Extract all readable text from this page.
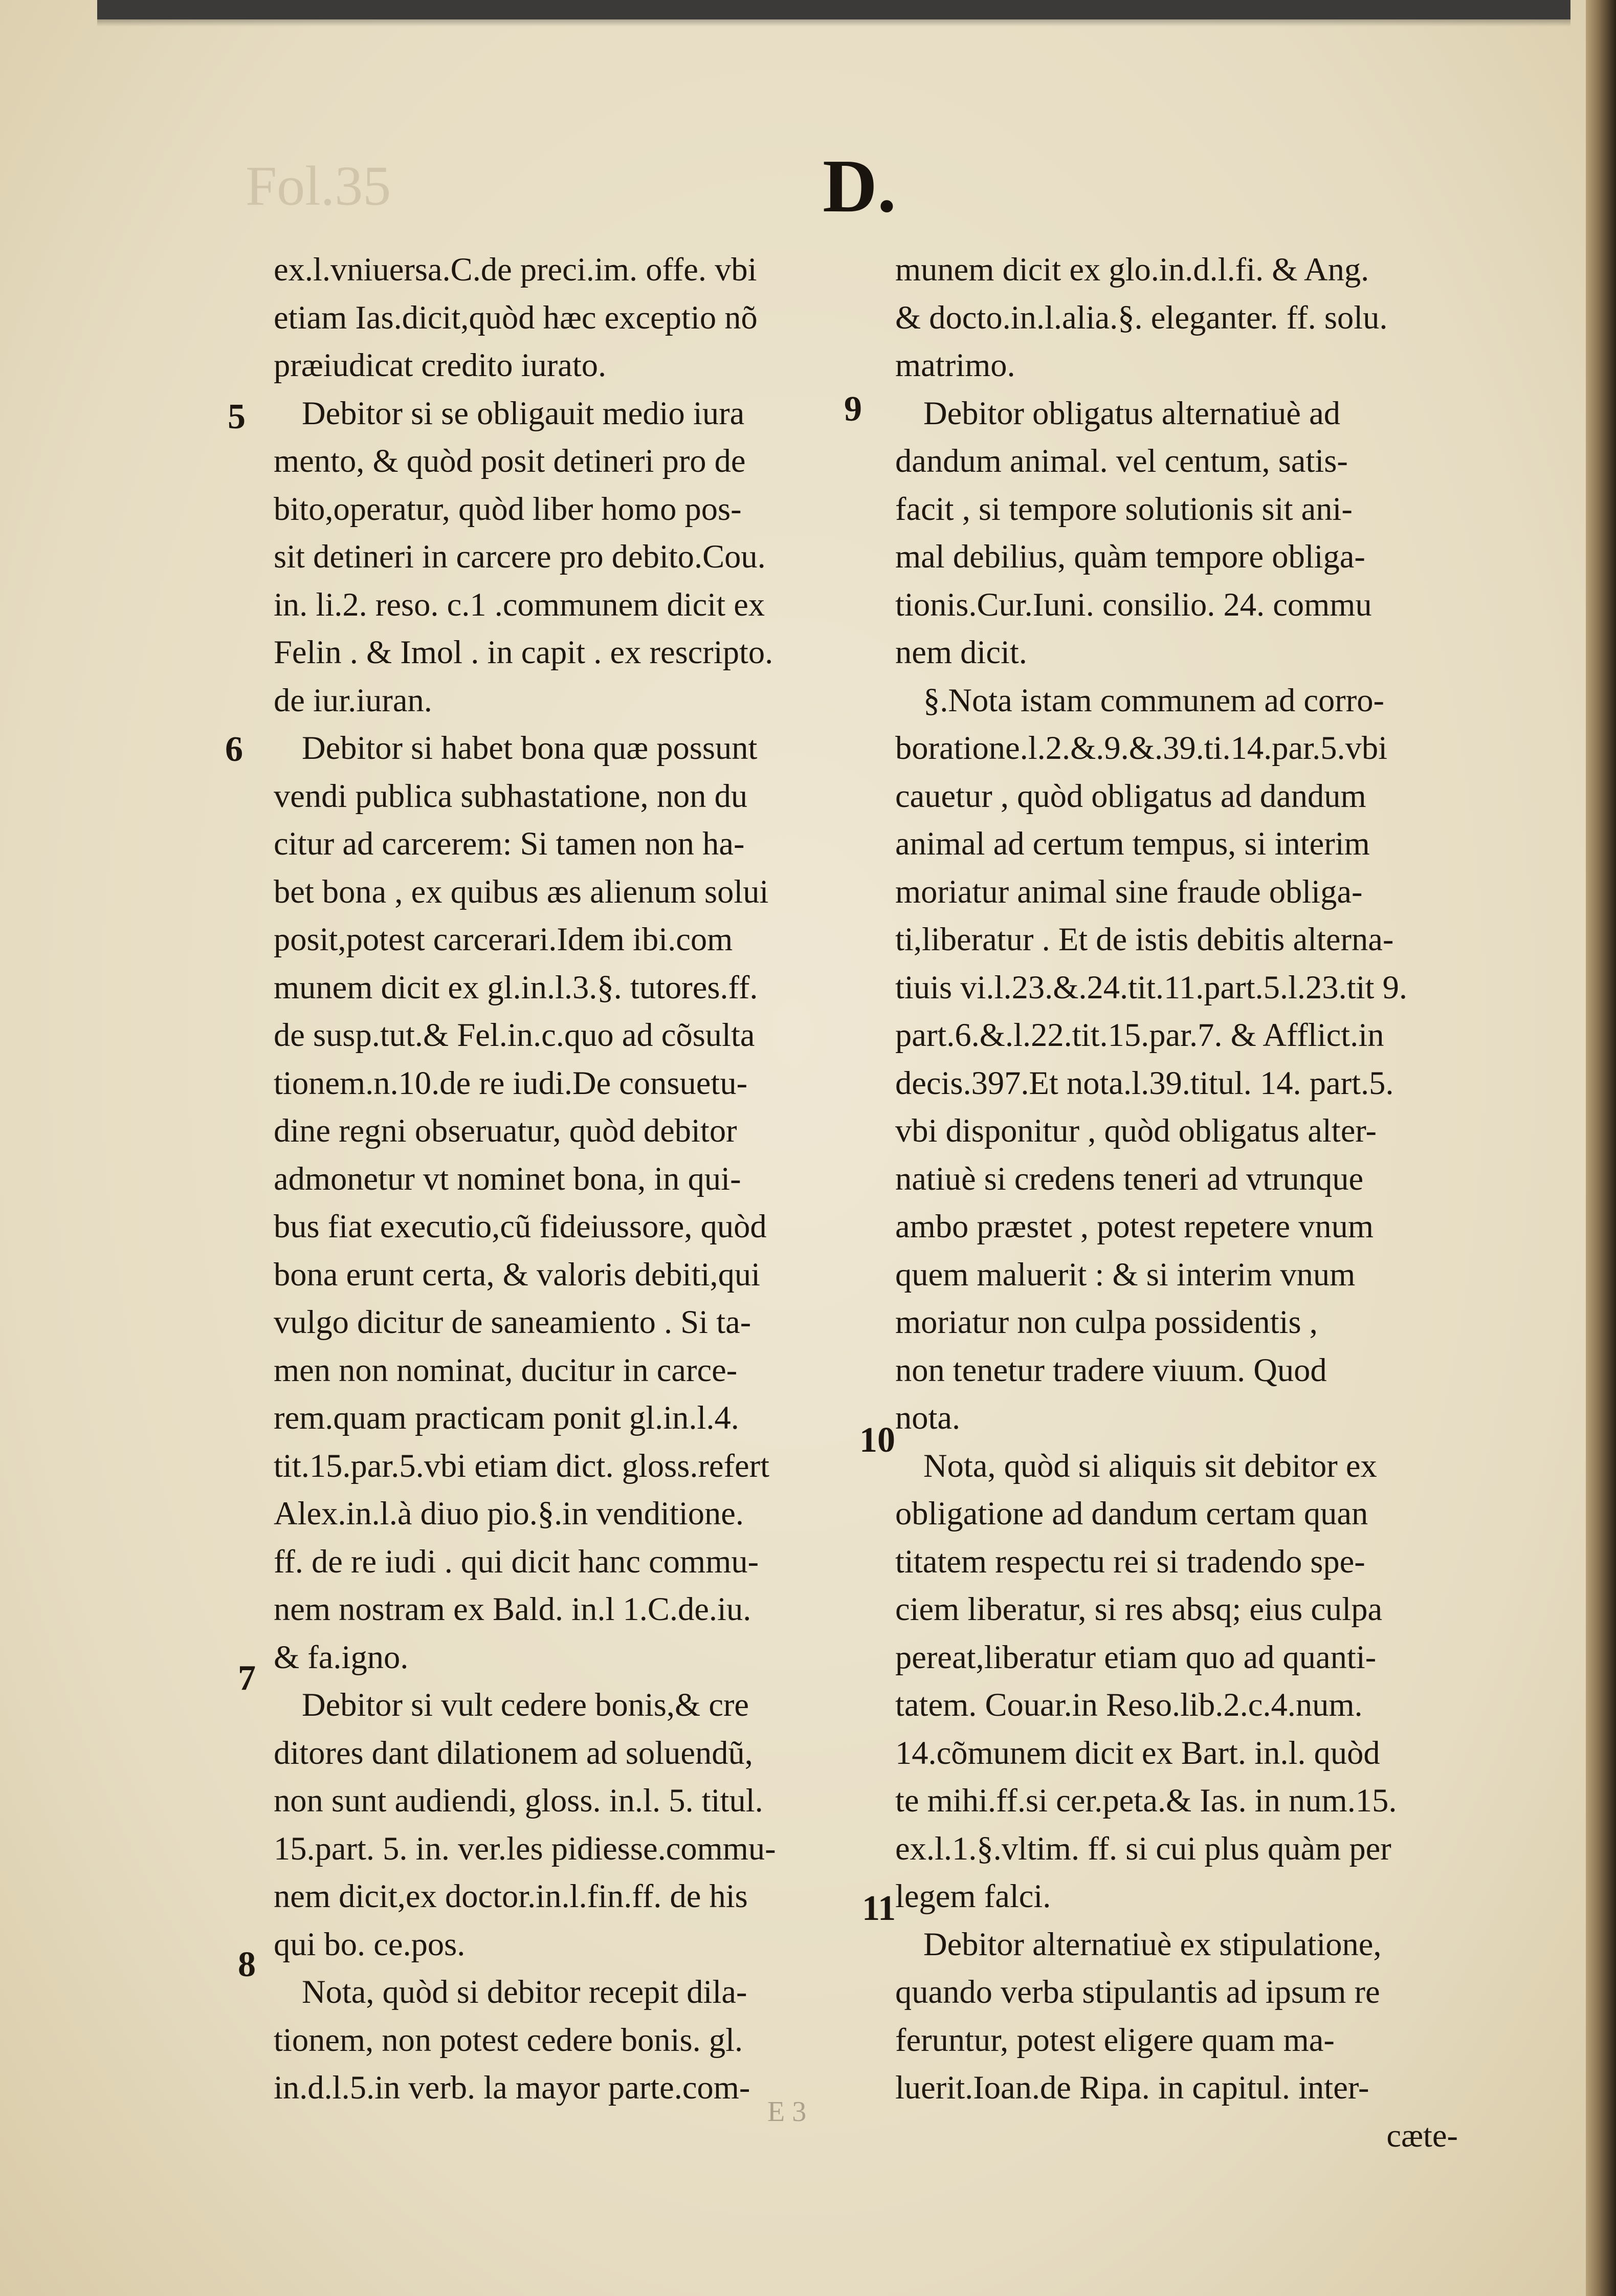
Fol.35	D.
ex.l.vniuersa.C.de preci.im. offe. vbi
etiam Ias.dicit,quòd hæc exceptio nõ
præiudicat credito iurato.
Debitor si se obligauit medio iura
mento, & quòd posit detineri pro de
bito,operatur, quòd liber homo pos-
sit detineri in carcere pro debito.Cou.
in. li.2. reso. c.1 .communem dicit ex
Felin . & Imol . in capit . ex rescripto.
de iur.iuran.
Debitor si habet bona quæ possunt
vendi publica subhastatione, non du
citur ad carcerem: Si tamen non ha-
bet bona , ex quibus æs alienum solui
posit,potest carcerari.Idem ibi.com
munem dicit ex gl.in.l.3.§. tutores.ff.
de susp.tut.& Fel.in.c.quo ad cõsulta
tionem.n.10.de re iudi.De consuetu-
dine regni obseruatur, quòd debitor
admonetur vt nominet bona, in qui-
bus fiat executio,cũ fideiussore, quòd
bona erunt certa, & valoris debiti,qui
vulgo dicitur de saneamiento . Si ta-
men non nominat, ducitur in carce-
rem.quam practicam ponit gl.in.l.4.
tit.15.par.5.vbi etiam dict. gloss.refert
Alex.in.l.à diuo pio.§.in venditione.
ff. de re iudi . qui dicit hanc commu-
nem nostram ex Bald. in.l 1.C.de.iu.
& fa.igno.
Debitor si vult cedere bonis,& cre
ditores dant dilationem ad soluendũ,
non sunt audiendi, gloss. in.l. 5. titul.
15.part. 5. in. ver.les pidiesse.commu-
nem dicit,ex doctor.in.l.fin.ff. de his
qui bo. ce.pos.
Nota, quòd si debitor recepit dila-
tionem, non potest cedere bonis. gl.
in.d.l.5.in verb. la mayor parte.com-
munem dicit ex glo.in.d.l.fi. & Ang.
& docto.in.l.alia.§. eleganter. ff. solu.
matrimo.
Debitor obligatus alternatiuè ad
dandum animal. vel centum, satis-
facit , si tempore solutionis sit ani-
mal debilius, quàm tempore obliga-
tionis.Cur.Iuni. consilio. 24. commu
nem dicit.
§.Nota istam communem ad corro-
boratione.l.2.&.9.&.39.ti.14.par.5.vbi
cauetur , quòd obligatus ad dandum
animal ad certum tempus, si interim
moriatur animal sine fraude obliga-
ti,liberatur . Et de istis debitis alterna-
tiuis vi.l.23.&.24.tit.11.part.5.l.23.tit 9.
part.6.&.l.22.tit.15.par.7. & Afflict.in
decis.397.Et nota.l.39.titul. 14. part.5.
vbi disponitur , quòd obligatus alter-
natiuè si credens teneri ad vtrunque
ambo præstet , potest repetere vnum
quem maluerit : & si interim vnum
moriatur non culpa possidentis ,
non tenetur tradere viuum. Quod
nota.
Nota, quòd si aliquis sit debitor ex
obligatione ad dandum certam quan
titatem respectu rei si tradendo spe-
ciem liberatur, si res absq; eius culpa
pereat,liberatur etiam quo ad quanti-
tatem. Couar.in Reso.lib.2.c.4.num.
14.cõmunem dicit ex Bart. in.l. quòd
te mihi.ff.si cer.peta.& Ias. in num.15.
ex.l.1.§.vltim. ff. si cui plus quàm per
legem falci.
Debitor alternatiuè ex stipulatione,
quando verba stipulantis ad ipsum re
feruntur, potest eligere quam ma-
luerit.Ioan.de Ripa. in capitul. inter-
cæte-
5
6
7
8
9
10
11
E 3
